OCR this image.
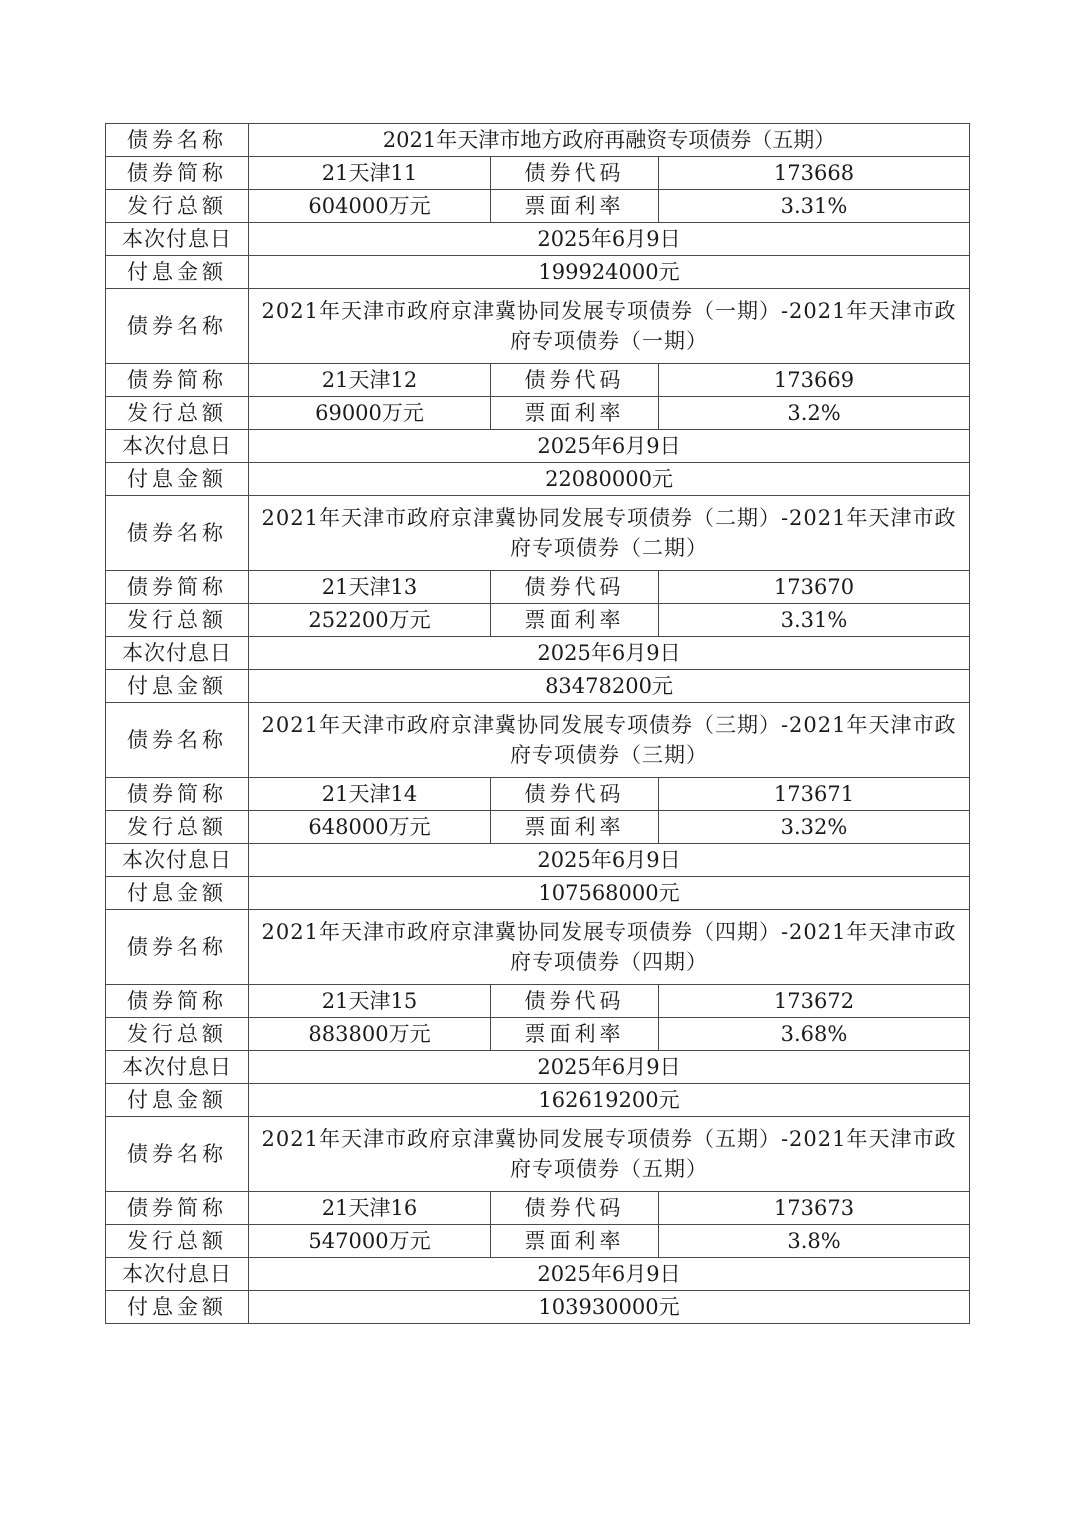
债券名称	2021年天津市地方政府再融资专项债券（五期）		
债券简称	21天津11	债券代码	173668
发行总额	604000万元	票面利率	3.31%
本次付息日	2025年6月9日		
付息金额	199924000元		
债券名称	2021年天津市政府京津冀协同发展专项债券（一期）-2021年天津市政府专项债券（一期）		
债券简称	21天津12	债券代码	173669
发行总额	69000万元	票面利率	3.2%
本次付息日	2025年6月9日		
付息金额	22080000元		
债券名称	2021年天津市政府京津冀协同发展专项债券（二期）-2021年天津市政府专项债券（二期）		
债券简称	21天津13	债券代码	173670
发行总额	252200万元	票面利率	3.31%
本次付息日	2025年6月9日		
付息金额	83478200元		
债券名称	2021年天津市政府京津冀协同发展专项债券（三期）-2021年天津市政府专项债券（三期）		
债券简称	21天津14	债券代码	173671
发行总额	648000万元	票面利率	3.32%
本次付息日	2025年6月9日		
付息金额	107568000元		
债券名称	2021年天津市政府京津冀协同发展专项债券（四期）-2021年天津市政府专项债券（四期）		
债券简称	21天津15	债券代码	173672
发行总额	883800万元	票面利率	3.68%
本次付息日	2025年6月9日		
付息金额	162619200元		
债券名称	2021年天津市政府京津冀协同发展专项债券（五期）-2021年天津市政府专项债券（五期）		
债券简称	21天津16	债券代码	173673
发行总额	547000万元	票面利率	3.8%
本次付息日	2025年6月9日		
付息金额	103930000元		
